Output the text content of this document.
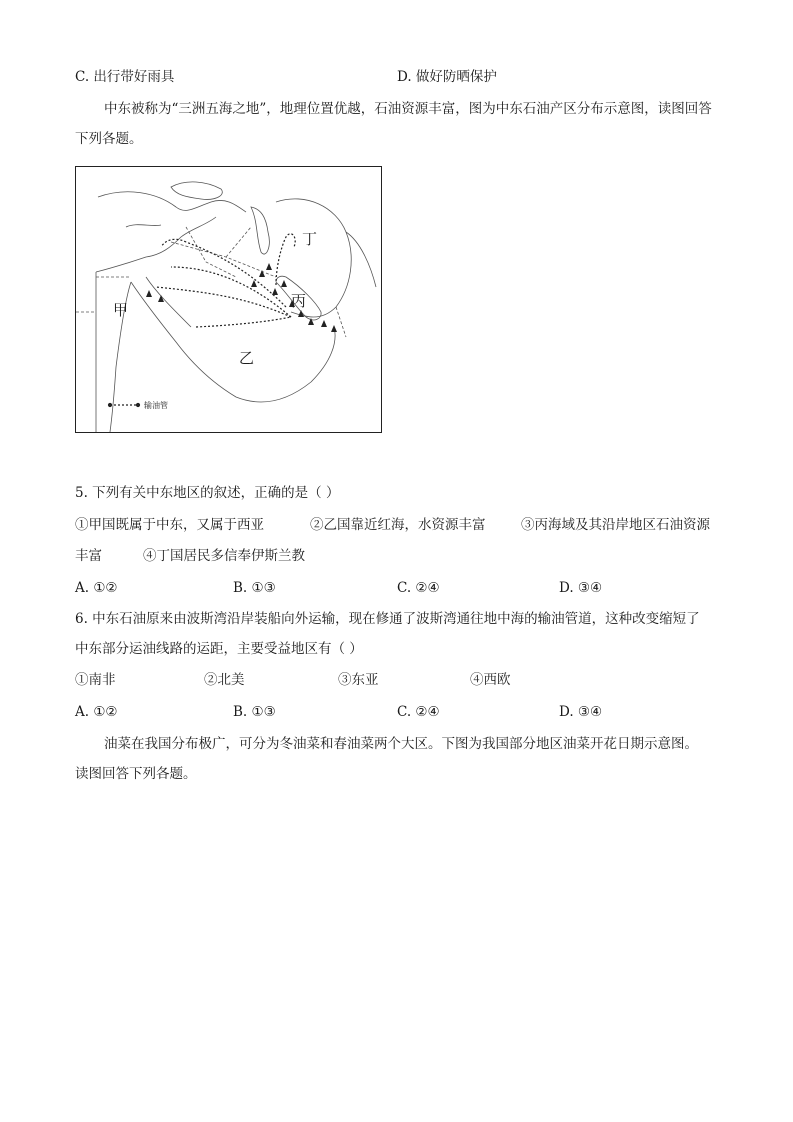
C. 出行带好雨具	D. 做好防晒保护
中东被称为“三洲五海之地”，地理位置优越，石油资源丰富，图为中东石油产区分布示意图，读图回答
下列各题。
甲
乙
丙
丁
输油管
5. 下列有关中东地区的叙述，正确的是（ ）
①甲国既属于中东，又属于西亚	②乙国靠近红海，水资源丰富	③丙海域及其沿岸地区石油资源
丰富	④丁国居民多信奉伊斯兰教
A. ①②	B. ①③	C. ②④	D. ③④
6. 中东石油原来由波斯湾沿岸装船向外运输，现在修通了波斯湾通往地中海的输油管道，这种改变缩短了
中东部分运油线路的运距，主要受益地区有（ ）
①南非	②北美	③东亚	④西欧
A. ①②	B. ①③	C. ②④	D. ③④
油菜在我国分布极广，可分为冬油菜和春油菜两个大区。下图为我国部分地区油菜开花日期示意图。
读图回答下列各题。
